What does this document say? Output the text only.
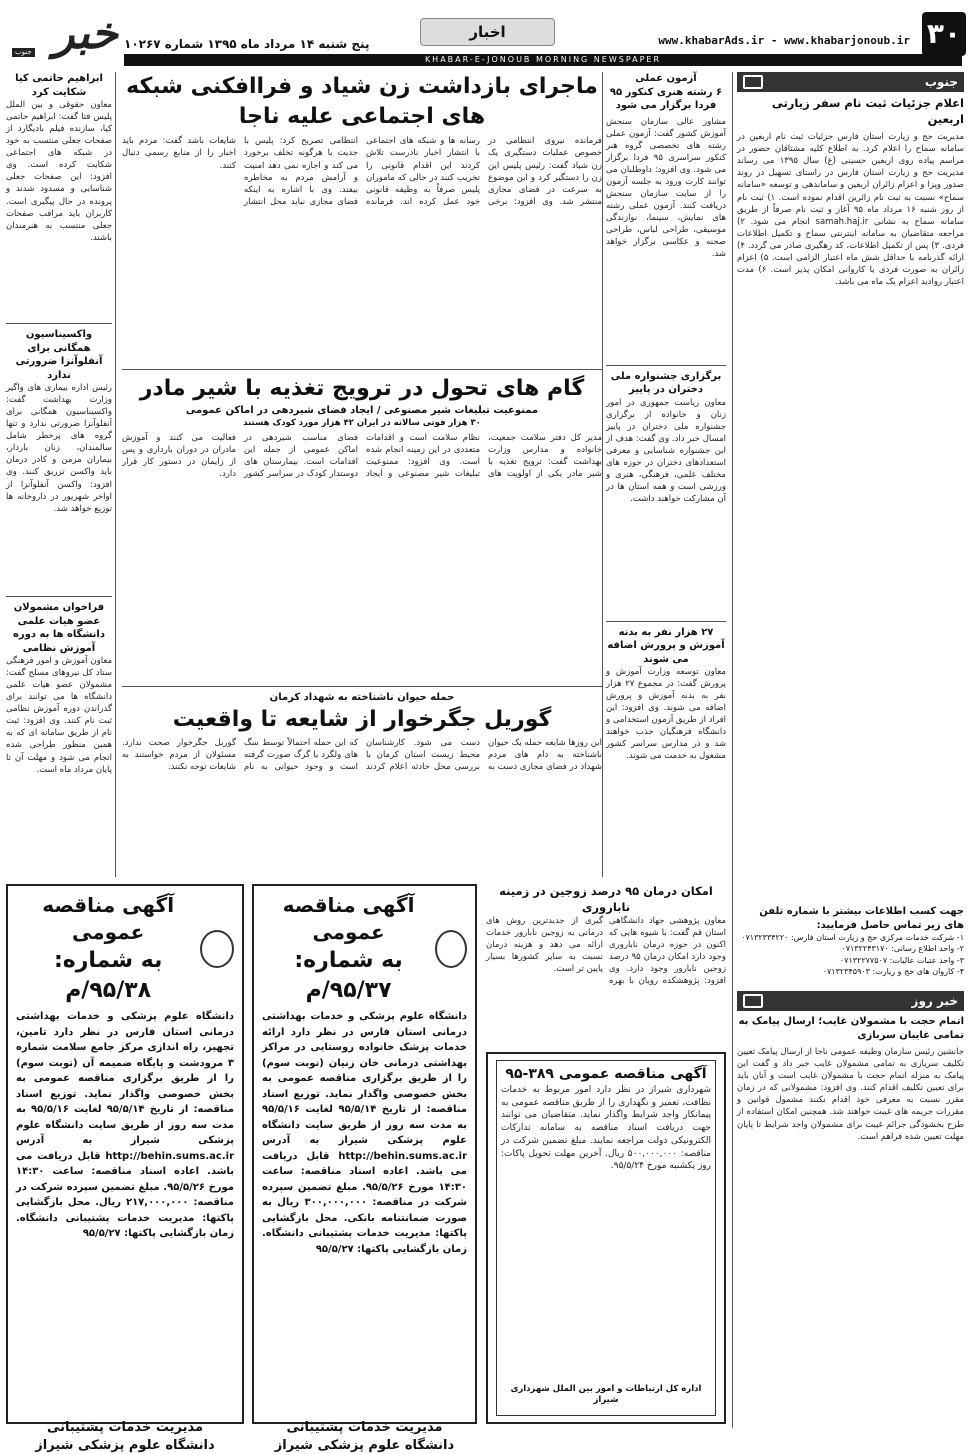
۳۰
www.khabarAds.ir - www.khabarjonoub.ir
اخبار
پنج شنبه ۱۴ مرداد ماه ۱۳۹۵ شماره ۱۰۲۶۷
خبر
جنوب
KHABAR-E-JONOUB MORNING NEWSPAPER
جنوب
اعلام جزئیات ثبت نام سفر زیارتی اربعین
مدیریت حج و زیارت استان فارس جزئیات ثبت نام اربعین در سامانه سماح را اعلام کرد. به اطلاع کلیه مشتاقان حضور در مراسم پیاده روی اربعین حسینی (ع) سال ۱۳۹۵ می رساند مدیریت حج و زیارت استان فارس در راستای تسهیل در روند صدور ویزا و اعزام زائران اربعین و ساماندهی و توسعه «سامانه سماح» نسبت به ثبت نام زائرین اقدام نموده است. ۱) ثبت نام از روز شنبه ۱۶ مرداد ماه ۹۵ آغاز و ثبت نام صرفاً از طریق سامانه سماح به نشانی samah.haj.ir انجام می شود. ۲) مراجعه متقاضیان به سامانه اینترنتی سماح و تکمیل اطلاعات فردی. ۳) پس از تکمیل اطلاعات، کد رهگیری صادر می گردد. ۴) ارائه گذرنامه با حداقل شش ماه اعتبار الزامی است. ۵) اعزام زائران به صورت فردی یا کاروانی امکان پذیر است. ۶) مدت اعتبار روادید اعزام یک ماه می باشد.
جهت کسب اطلاعات بیشتر با شماره تلفن های زیر تماس حاصل فرمایید:
۱- شرکت خدمات مرکزی حج و زیارت استان فارس: ۰۷۱۳۲۳۳۴۲۲۰
۲- واحد اطلاع رسانی: ۰۷۱۳۲۲۴۳۱۷۰
۳- واحد عتبات عالیات: ۰۷۱۳۲۲۷۷۵۰۷
۴- کاروان های حج و زیارت: ۰۷۱۳۲۳۴۵۹۰۳
خبر روز
اتمام حجت با مشمولان غایب؛ ارسال پیامک به تمامی غایبان سربازی
جانشین رئیس سازمان وظیفه عمومی ناجا از ارسال پیامک تعیین تکلیف سربازی به تمامی مشمولان غایب خبر داد و گفت این پیامک به منزله اتمام حجت با مشمولان غایب است و آنان باید برای تعیین تکلیف اقدام کنند. وی افزود: مشمولانی که در زمان مقرر نسبت به معرفی خود اقدام نکنند مشمول قوانین و مقررات جریمه های غیبت خواهند شد. همچنین امکان استفاده از طرح بخشودگی جرائم غیبت برای مشمولان واجد شرایط تا پایان مهلت تعیین شده فراهم است.
آزمون عملی
۶ رشته هنری کنکور ۹۵ فردا برگزار می شود
مشاور عالی سازمان سنجش آموزش کشور گفت: آزمون عملی رشته های تخصصی گروه هنر کنکور سراسری ۹۵ فردا برگزار می شود. وی افزود: داوطلبان می توانند کارت ورود به جلسه آزمون را از سایت سازمان سنجش دریافت کنند. آزمون عملی رشته های نمایش، سینما، نوازندگی موسیقی، طراحی لباس، طراحی صحنه و عکاسی برگزار خواهد شد.
برگزاری جشنواره ملی دختران در پاییز
معاون ریاست جمهوری در امور زنان و خانواده از برگزاری جشنواره ملی دختران در پاییز امسال خبر داد. وی گفت: هدف از این جشنواره شناسایی و معرفی استعدادهای دختران در حوزه های مختلف علمی، فرهنگی، هنری و ورزشی است و همه استان ها در آن مشارکت خواهند داشت.
۲۷ هزار نفر به بدنه آموزش و پرورش اضافه می شوند
معاون توسعه وزارت آموزش و پرورش گفت: در مجموع ۲۷ هزار نفر به بدنه آموزش و پرورش اضافه می شوند. وی افزود: این افراد از طریق آزمون استخدامی و دانشگاه فرهنگیان جذب خواهند شد و در مدارس سراسر کشور مشغول به خدمت می شوند.
ابراهیم حاتمی کیا شکایت کرد
معاون حقوقی و بین الملل پلیس فتا گفت: ابراهیم حاتمی کیا، سازنده فیلم بادیگارد از صفحات جعلی منتسب به خود در شبکه های اجتماعی شکایت کرده است. وی افزود: این صفحات جعلی شناسایی و مسدود شدند و پرونده در حال پیگیری است. کاربران باید مراقب صفحات جعلی منتسب به هنرمندان باشند.
واکسیناسیون همگانی برای آنفلوآنزا ضرورتی ندارد
رئیس اداره بیماری های واگیر وزارت بهداشت گفت: واکسیناسیون همگانی برای آنفلوآنزا ضرورتی ندارد و تنها گروه های پرخطر شامل سالمندان، زنان باردار، بیماران مزمن و کادر درمان باید واکسن تزریق کنند. وی افزود: واکسن آنفلوآنزا از اواخر شهریور در داروخانه ها توزیع خواهد شد.
فراخوان مشمولان عضو هیات علمی دانشگاه ها به دوره آموزش نظامی
معاون آموزش و امور فرهنگی ستاد کل نیروهای مسلح گفت: مشمولان عضو هیات علمی دانشگاه ها می توانند برای گذراندن دوره آموزش نظامی ثبت نام کنند. وی افزود: ثبت نام از طریق سامانه ای که به همین منظور طراحی شده انجام می شود و مهلت آن تا پایان مرداد ماه است.
ماجرای بازداشت زن شیاد و فراافکنی شبکه های اجتماعی علیه ناجا
فرمانده نیروی انتظامی در خصوص عملیات دستگیری یک زن شیاد گفت: رئیس پلیس این زن را دستگیر کرد و این موضوع به سرعت در فضای مجازی منتشر شد. وی افزود: برخی رسانه ها و شبکه های اجتماعی با انتشار اخبار نادرست تلاش کردند این اقدام قانونی را تخریب کنند در حالی که ماموران پلیس صرفاً به وظیفه قانونی خود عمل کرده اند. فرمانده انتظامی تصریح کرد: پلیس با جدیت با هرگونه تخلف برخورد می کند و اجازه نمی دهد امنیت و آرامش مردم به مخاطره بیفتد. وی با اشاره به اینکه فضای مجازی نباید محل انتشار شایعات باشد گفت: مردم باید اخبار را از منابع رسمی دنبال کنند.
گام های تحول در ترویج تغذیه با شیر مادر
ممنوعیت تبلیغات شیر مصنوعی / ایجاد فضای شیردهی در اماکن عمومی
۳۰ هزار فوتی سالانه در ایران ۴۲ هزار مورد کودک هستند
مدیر کل دفتر سلامت جمعیت، خانواده و مدارس وزارت بهداشت گفت: ترویج تغذیه با شیر مادر یکی از اولویت های نظام سلامت است و اقدامات متعددی در این زمینه انجام شده است. وی افزود: ممنوعیت تبلیغات شیر مصنوعی و ایجاد فضای مناسب شیردهی در اماکن عمومی از جمله این اقدامات است. بیمارستان های دوستدار کودک در سراسر کشور فعالیت می کنند و آموزش مادران در دوران بارداری و پس از زایمان در دستور کار قرار دارد.
حمله حیوان ناشناخته به شهداد کرمان
گوریل جگرخوار از شایعه تا واقعیت
این روزها شایعه حمله یک حیوان ناشناخته به دام های مردم شهداد در فضای مجازی دست به دست می شود. کارشناسان محیط زیست استان کرمان با بررسی محل حادثه اعلام کردند که این حمله احتمالاً توسط سگ های ولگرد یا گرگ صورت گرفته است و وجود حیوانی به نام گوریل جگرخوار صحت ندارد. مسئولان از مردم خواستند به شایعات توجه نکنند.
امکان درمان ۹۵ درصد زوجین در زمینه ناباروری
معاون پژوهشی جهاد دانشگاهی استان قم گفت: با شیوه هایی که اکنون در حوزه درمان ناباروری وجود دارد امکان درمان ۹۵ درصد زوجین نابارور وجود دارد. وی افزود: پژوهشکده رویان با بهره گیری از جدیدترین روش های درمانی به زوجین نابارور خدمات ارائه می دهد و هزینه درمان نسبت به سایر کشورها بسیار پایین تر است.
آگهی مناقصه عمومی ۳۸۹-۹۵
شهرداری شیراز در نظر دارد امور مربوط به خدمات نظافت، تعمیر و نگهداری را از طریق مناقصه عمومی به پیمانکار واجد شرایط واگذار نماید. متقاضیان می توانند جهت دریافت اسناد مناقصه به سامانه تدارکات الکترونیکی دولت مراجعه نمایند. مبلغ تضمین شرکت در مناقصه: ۵۰۰,۰۰۰,۰۰۰ ریال. آخرین مهلت تحویل پاکات: روز یکشنبه مورخ ۹۵/۵/۲۴.
اداره کل ارتباطات و امور بین الملل شهرداری شیراز
آگهی مناقصه عمومی
به شماره: ۹۵/۳۷/م
دانشگاه علوم پزشکی و خدمات بهداشتی درمانی استان فارس در نظر دارد ارائه خدمات پزشک خانواده روستایی در مراکز بهداشتی درمانی خان زنیان (نوبت سوم) را از طریق برگزاری مناقصه عمومی به بخش خصوصی واگذار نماید. توزیع اسناد مناقصه: از تاریخ ۹۵/۵/۱۴ لغایت ۹۵/۵/۱۶ به مدت سه روز از طریق سایت دانشگاه علوم پزشکی شیراز به آدرس http://behin.sums.ac.ir قابل دریافت می باشد. اعاده اسناد مناقصه: ساعت ۱۴:۳۰ مورخ ۹۵/۵/۲۶. مبلغ تضمین سپرده شرکت در مناقصه: ۳۰۰,۰۰۰,۰۰۰ ریال به صورت ضمانتنامه بانکی. محل بازگشایی پاکتها: مدیریت خدمات پشتیبانی دانشگاه. زمان بازگشایی پاکتها: ۹۵/۵/۲۷
مدیریت خدمات پشتیبانی
دانشگاه علوم پزشکی شیراز
آگهی مناقصه عمومی
به شماره: ۹۵/۳۸/م
دانشگاه علوم پزشکی و خدمات بهداشتی درمانی استان فارس در نظر دارد تامین، تجهیز، راه اندازی مرکز جامع سلامت شماره ۳ مرودشت و پایگاه ضمیمه آن (نوبت سوم) را از طریق برگزاری مناقصه عمومی به بخش خصوصی واگذار نماید. توزیع اسناد مناقصه: از تاریخ ۹۵/۵/۱۴ لغایت ۹۵/۵/۱۶ به مدت سه روز از طریق سایت دانشگاه علوم پزشکی شیراز به آدرس http://behin.sums.ac.ir قابل دریافت می باشد. اعاده اسناد مناقصه: ساعت ۱۴:۳۰ مورخ ۹۵/۵/۲۶. مبلغ تضمین سپرده شرکت در مناقصه: ۲۱۷,۰۰۰,۰۰۰ ریال. محل بازگشایی پاکتها: مدیریت خدمات پشتیبانی دانشگاه. زمان بازگشایی پاکتها: ۹۵/۵/۲۷
مدیریت خدمات پشتیبانی
دانشگاه علوم پزشکی شیراز
